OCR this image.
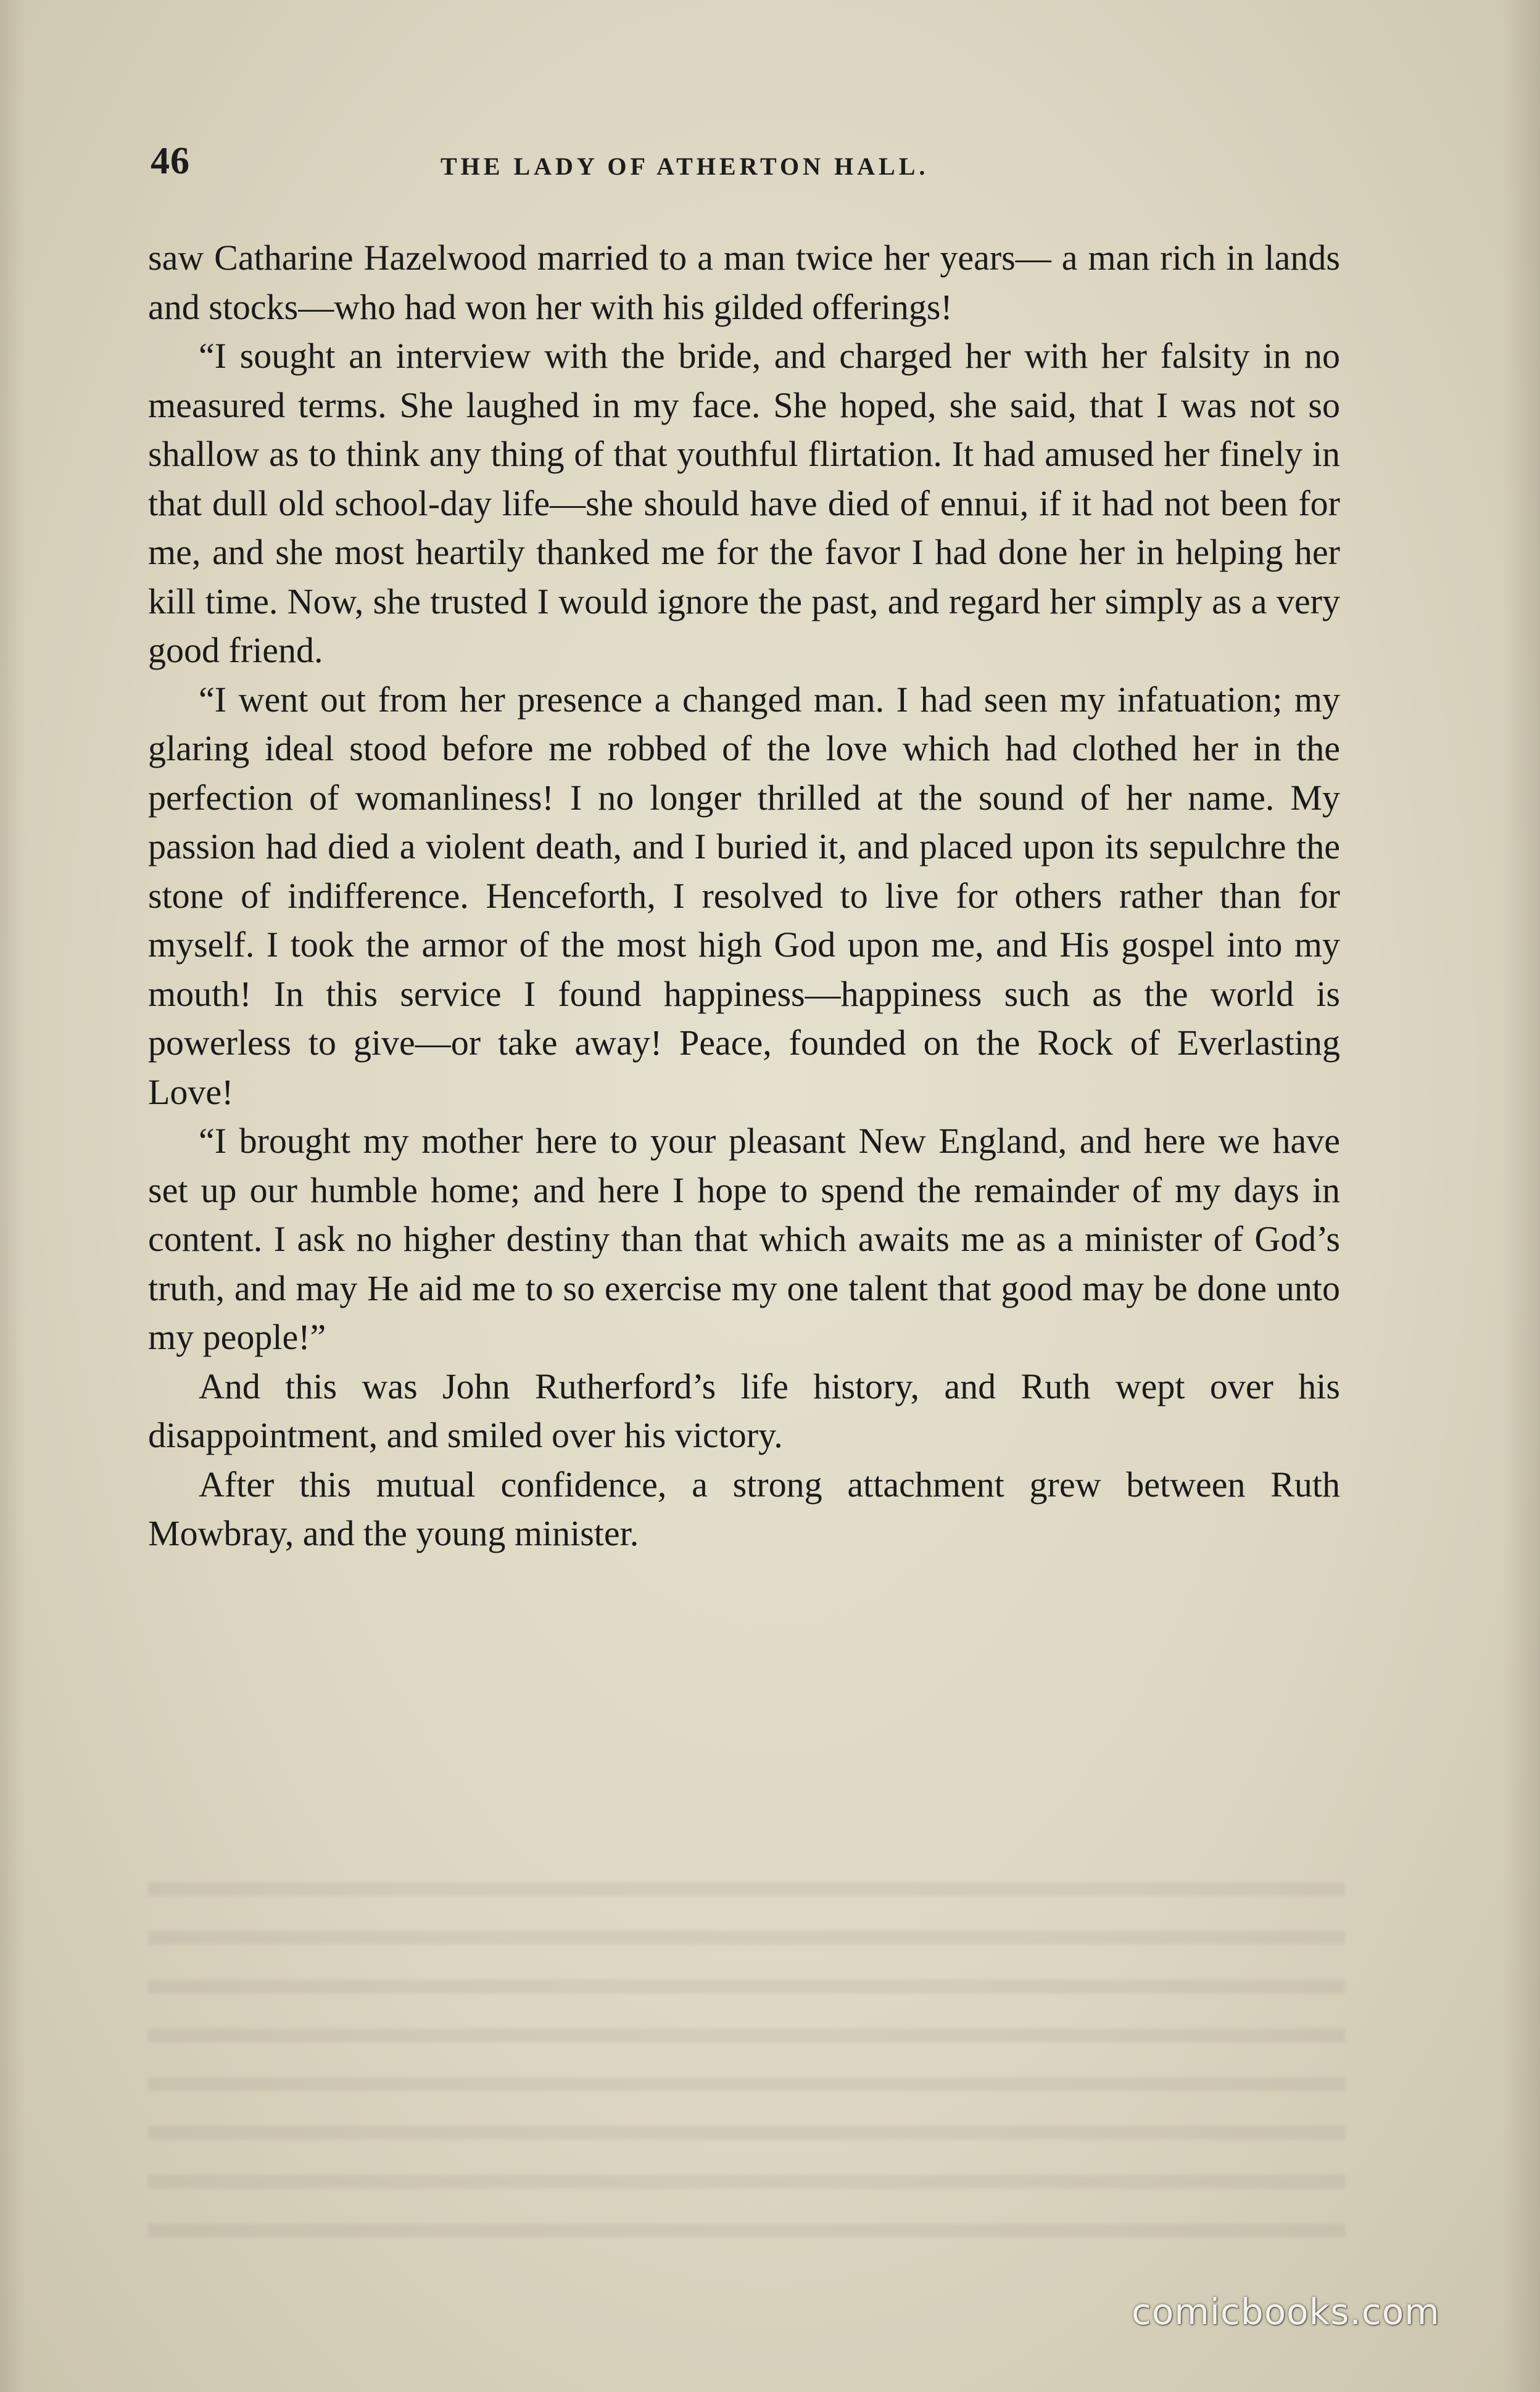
46	THE LADY OF ATHERTON HALL.

saw Catharine Hazelwood married to a man twice her years— a man rich in lands and stocks—who had won her with his gilded offerings!

“I sought an interview with the bride, and charged her with her falsity in no measured terms. She laughed in my face. She hoped, she said, that I was not so shallow as to think any thing of that youthful flirtation. It had amused her finely in that dull old school-day life—she should have died of ennui, if it had not been for me, and she most heartily thanked me for the favor I had done her in helping her kill time. Now, she trusted I would ignore the past, and regard her simply as a very good friend.

“I went out from her presence a changed man. I had seen my infatuation; my glaring ideal stood before me robbed of the love which had clothed her in the perfection of womanliness! I no longer thrilled at the sound of her name. My passion had died a violent death, and I buried it, and placed upon its sepulchre the stone of indifference. Henceforth, I resolved to live for others rather than for myself. I took the armor of the most high God upon me, and His gospel into my mouth! In this service I found happiness—happiness such as the world is powerless to give—or take away! Peace, founded on the Rock of Everlasting Love!

“I brought my mother here to your pleasant New England, and here we have set up our humble home; and here I hope to spend the remainder of my days in content. I ask no higher destiny than that which awaits me as a minister of God’s truth, and may He aid me to so exercise my one talent that good may be done unto my people!”

And this was John Rutherford’s life history, and Ruth wept over his disappointment, and smiled over his victory.

After this mutual confidence, a strong attachment grew between Ruth Mowbray, and the young minister.

comicbooks.com
